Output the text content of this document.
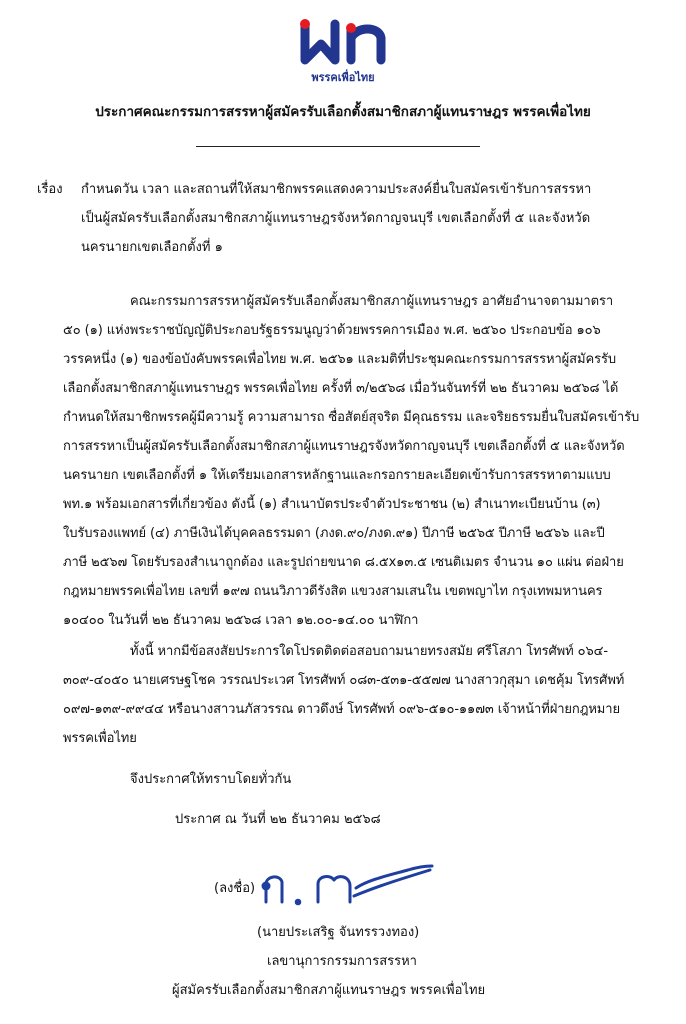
พรรคเพื่อไทย
ประกาศคณะกรรมการสรรหาผู้สมัครรับเลือกตั้งสมาชิกสภาผู้แทนราษฎร พรรคเพื่อไทย
เรื่อง กำหนดวัน เวลา และสถานที่ให้สมาชิกพรรคแสดงความประสงค์ยื่นใบสมัครเข้ารับการสรรหา
เป็นผู้สมัครรับเลือกตั้งสมาชิกสภาผู้แทนราษฎรจังหวัดกาญจนบุรี เขตเลือกตั้งที่ ๕ และจังหวัด
นครนายกเขตเลือกตั้งที่ ๑
คณะกรรมการสรรหาผู้สมัครรับเลือกตั้งสมาชิกสภาผู้แทนราษฎร อาศัยอำนาจตามมาตรา
๕๐ (๑) แห่งพระราชบัญญัติประกอบรัฐธรรมนูญว่าด้วยพรรคการเมือง พ.ศ. ๒๕๖๐ ประกอบข้อ ๑๐๖
วรรคหนึ่ง (๑) ของข้อบังคับพรรคเพื่อไทย พ.ศ. ๒๕๖๑ และมติที่ประชุมคณะกรรมการสรรหาผู้สมัครรับ
เลือกตั้งสมาชิกสภาผู้แทนราษฎร พรรคเพื่อไทย ครั้งที่ ๓/๒๕๖๘ เมื่อวันจันทร์ที่ ๒๒ ธันวาคม ๒๕๖๘ ได้
กำหนดให้สมาชิกพรรคผู้มีความรู้ ความสามารถ ซื่อสัตย์สุจริต มีคุณธรรม และจริยธรรมยื่นใบสมัครเข้ารับ
การสรรหาเป็นผู้สมัครรับเลือกตั้งสมาชิกสภาผู้แทนราษฎรจังหวัดกาญจนบุรี เขตเลือกตั้งที่ ๕ และจังหวัด
นครนายก เขตเลือกตั้งที่ ๑ ให้เตรียมเอกสารหลักฐานและกรอกรายละเอียดเข้ารับการสรรหาตามแบบ
พท.๑ พร้อมเอกสารที่เกี่ยวข้อง ดังนี้ (๑) สำเนาบัตรประจำตัวประชาชน (๒) สำเนาทะเบียนบ้าน (๓)
ใบรับรองแพทย์ (๔) ภาษีเงินได้บุคคลธรรมดา (ภงด.๙๐/ภงด.๙๑) ปีภาษี ๒๕๖๕ ปีภาษี ๒๕๖๖ และปี
ภาษี ๒๕๖๗ โดยรับรองสำเนาถูกต้อง และรูปถ่ายขนาด ๘.๕x๑๓.๕ เซนติเมตร จำนวน ๑๐ แผ่น ต่อฝ่าย
กฎหมายพรรคเพื่อไทย เลขที่ ๑๙๗ ถนนวิภาวดีรังสิต แขวงสามเสนใน เขตพญาไท กรุงเทพมหานคร
๑๐๔๐๐ ในวันที่ ๒๒ ธันวาคม ๒๕๖๘ เวลา ๑๒.๐๐-๑๔.๐๐ นาฬิกา
ทั้งนี้ หากมีข้อสงสัยประการใดโปรดติดต่อสอบถามนายทรงสมัย ศรีโสภา โทรศัพท์ ๐๖๔-
๓๐๙-๔๐๕๐ นายเศรษฐโชค วรรณประเวศ โทรศัพท์ ๐๘๓-๕๓๑-๕๕๗๗ นางสาวกุสุมา เดชคุ้ม โทรศัพท์
๐๙๗-๑๓๙-๙๙๔๔ หรือนางสาวนภัสวรรณ ดาวดึงษ์ โทรศัพท์ ๐๙๖-๕๑๐-๑๑๗๓ เจ้าหน้าที่ฝ่ายกฎหมาย
พรรคเพื่อไทย
จึงประกาศให้ทราบโดยทั่วกัน
ประกาศ ณ วันที่ ๒๒ ธันวาคม ๒๕๖๘
(ลงชื่อ)
(นายประเสริฐ จันทรรวงทอง)
เลขานุการกรรมการสรรหา
ผู้สมัครรับเลือกตั้งสมาชิกสภาผู้แทนราษฎร พรรคเพื่อไทย
